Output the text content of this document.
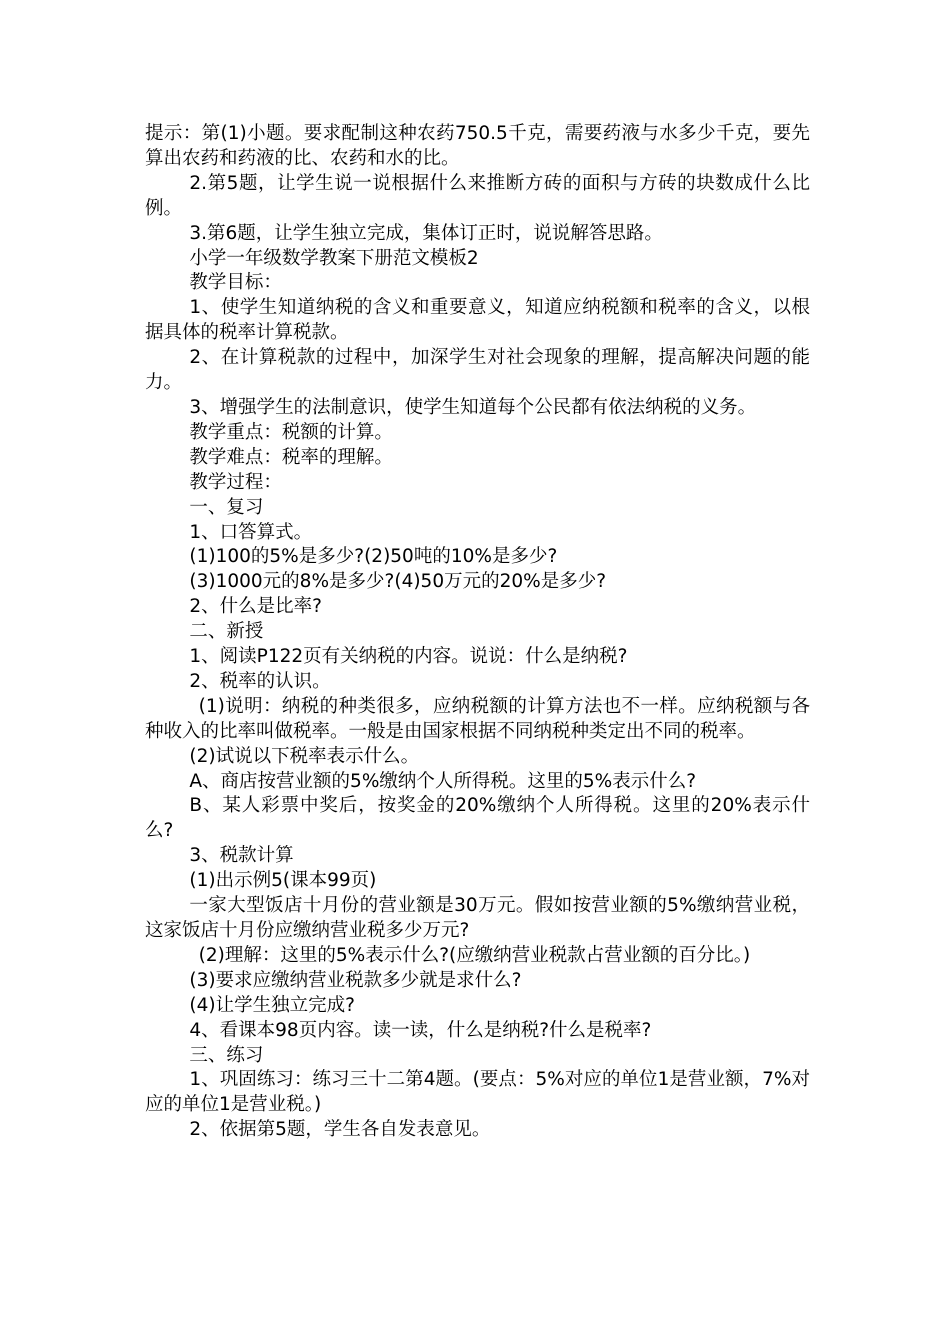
提示：第(1)小题。要求配制这种农药750.5千克，需要药液与水多少千克，要先算出农药和药液的比、农药和水的比。

2.第5题，让学生说一说根据什么来推断方砖的面积与方砖的块数成什么比例。

3.第6题，让学生独立完成，集体订正时，说说解答思路。

小学一年级数学教案下册范文模板2

教学目标：

1、使学生知道纳税的含义和重要意义，知道应纳税额和税率的含义，以根据具体的税率计算税款。

2、在计算税款的过程中，加深学生对社会现象的理解，提高解决问题的能力。

3、增强学生的法制意识，使学生知道每个公民都有依法纳税的义务。

教学重点：税额的计算。

教学难点：税率的理解。

教学过程：

一、复习

1、口答算式。

(1)100的5%是多少?(2)50吨的10%是多少?

(3)1000元的8%是多少?(4)50万元的20%是多少?

2、什么是比率?

二、新授

1、阅读P122页有关纳税的内容。说说：什么是纳税?

2、税率的认识。

(1)说明：纳税的种类很多，应纳税额的计算方法也不一样。应纳税额与各种收入的比率叫做税率。一般是由国家根据不同纳税种类定出不同的税率。

(2)试说以下税率表示什么。

A、商店按营业额的5%缴纳个人所得税。这里的5%表示什么?

B、某人彩票中奖后，按奖金的20%缴纳个人所得税。这里的20%表示什么?

3、税款计算

(1)出示例5(课本99页)

一家大型饭店十月份的营业额是30万元。假如按营业额的5%缴纳营业税，这家饭店十月份应缴纳营业税多少万元?

(2)理解：这里的5%表示什么?(应缴纳营业税款占营业额的百分比。)

(3)要求应缴纳营业税款多少就是求什么?

(4)让学生独立完成?

4、看课本98页内容。读一读，什么是纳税?什么是税率?

三、练习

1、巩固练习：练习三十二第4题。(要点：5%对应的单位1是营业额，7%对应的单位1是营业税。)

2、依据第5题，学生各自发表意见。
